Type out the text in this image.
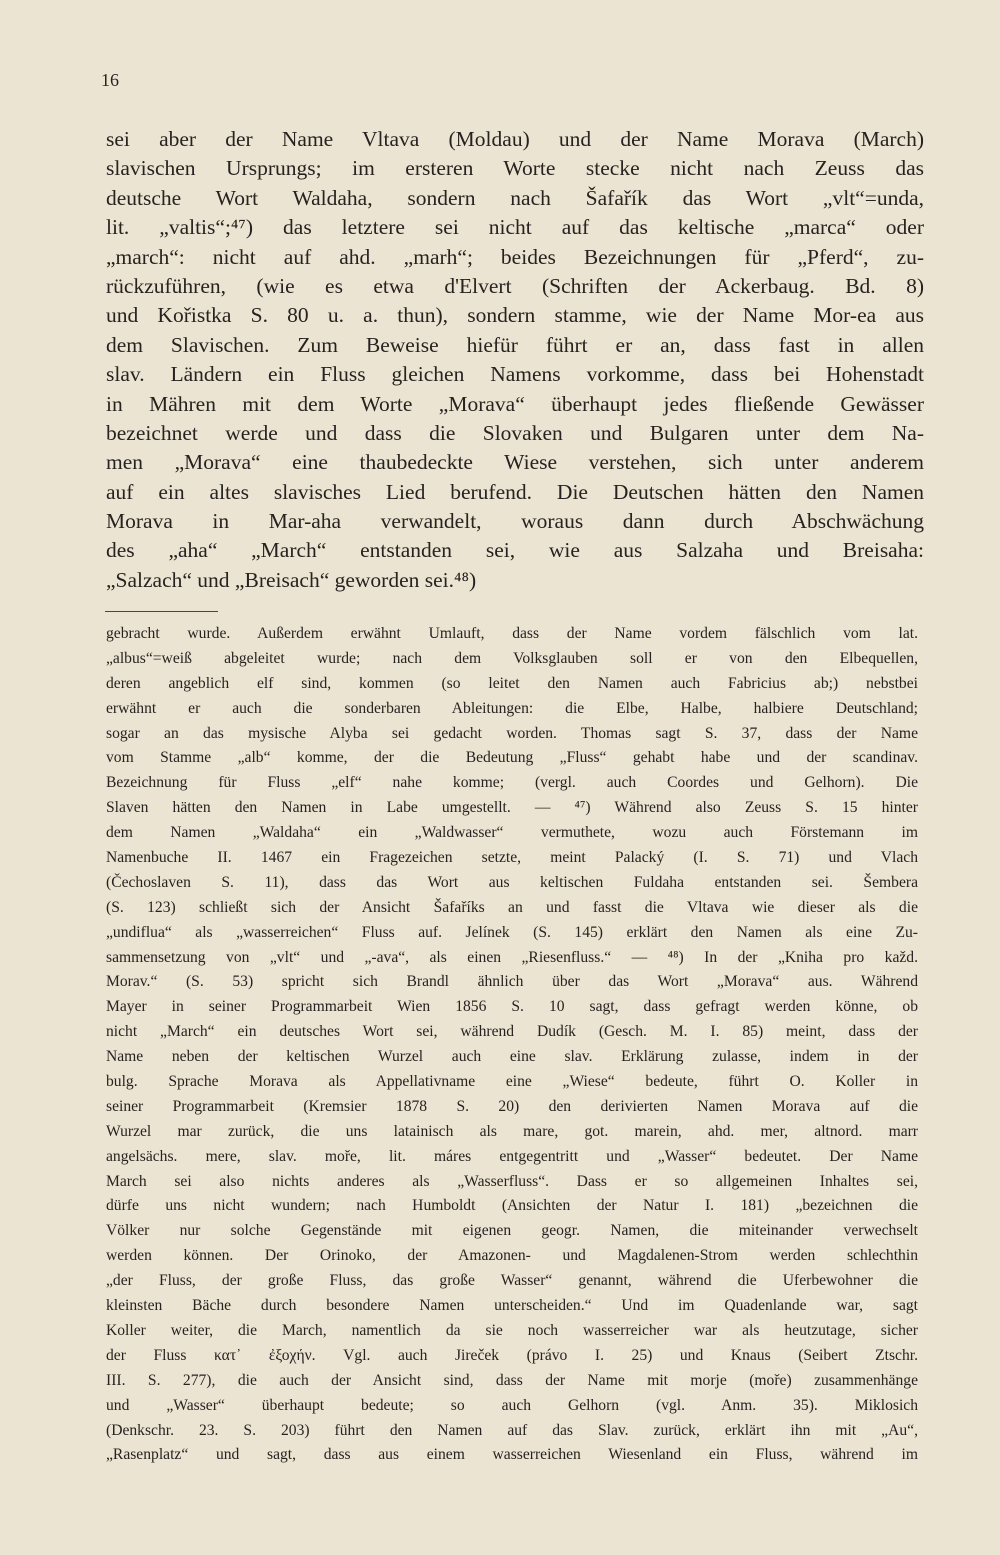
16
sei aber der Name Vltava (Moldau) und der Name Morava (March)
slavischen Ursprungs; im ersteren Worte stecke nicht nach Zeuss das
deutsche Wort Waldaha, sondern nach Šafařík das Wort „vlt“=unda,
lit. „valtis“;⁴⁷) das letztere sei nicht auf das keltische „marca“ oder
„march“: nicht auf ahd. „marh“; beides Bezeichnungen für „Pferd“, zu-
rückzuführen, (wie es etwa d'Elvert (Schriften der Ackerbaug. Bd. 8)
und Kořistka S. 80 u. a. thun), sondern stamme, wie der Name Mor-ea aus
dem Slavischen. Zum Beweise hiefür führt er an, dass fast in allen
slav. Ländern ein Fluss gleichen Namens vorkomme, dass bei Hohenstadt
in Mähren mit dem Worte „Morava“ überhaupt jedes fließende Gewässer
bezeichnet werde und dass die Slovaken und Bulgaren unter dem Na-
men „Morava“ eine thaubedeckte Wiese verstehen, sich unter anderem
auf ein altes slavisches Lied berufend. Die Deutschen hätten den Namen
Morava in Mar-aha verwandelt, woraus dann durch Abschwächung
des „aha“ „March“ entstanden sei, wie aus Salzaha und Breisaha:
„Salzach“ und „Breisach“ geworden sei.⁴⁸)
gebracht wurde. Außerdem erwähnt Umlauft, dass der Name vordem fälschlich vom lat.
„albus“=weiß abgeleitet wurde; nach dem Volksglauben soll er von den Elbequellen,
deren angeblich elf sind, kommen (so leitet den Namen auch Fabricius ab;) nebstbei
erwähnt er auch die sonderbaren Ableitungen: die Elbe, Halbe, halbiere Deutschland;
sogar an das mysische Alyba sei gedacht worden. Thomas sagt S. 37, dass der Name
vom Stamme „alb“ komme, der die Bedeutung „Fluss“ gehabt habe und der scandinav.
Bezeichnung für Fluss „elf“ nahe komme; (vergl. auch Coordes und Gelhorn). Die
Slaven hätten den Namen in Labe umgestellt. — ⁴⁷) Während also Zeuss S. 15 hinter
dem Namen „Waldaha“ ein „Waldwasser“ vermuthete, wozu auch Förstemann im
Namenbuche II. 1467 ein Fragezeichen setzte, meint Palacký (I. S. 71) und Vlach
(Čechoslaven S. 11), dass das Wort aus keltischen Fuldaha entstanden sei. Šembera
(S. 123) schließt sich der Ansicht Šafaříks an und fasst die Vltava wie dieser als die
„undiflua“ als „wasserreichen“ Fluss auf. Jelínek (S. 145) erklärt den Namen als eine Zu-
sammensetzung von „vlt“ und „-ava“, als einen „Riesenfluss.“ — ⁴⁸) In der „Kniha pro každ.
Morav.“ (S. 53) spricht sich Brandl ähnlich über das Wort „Morava“ aus. Während
Mayer in seiner Programmarbeit Wien 1856 S. 10 sagt, dass gefragt werden könne, ob
nicht „March“ ein deutsches Wort sei, während Dudík (Gesch. M. I. 85) meint, dass der
Name neben der keltischen Wurzel auch eine slav. Erklärung zulasse, indem in der
bulg. Sprache Morava als Appellativname eine „Wiese“ bedeute, führt O. Koller in
seiner Programmarbeit (Kremsier 1878 S. 20) den derivierten Namen Morava auf die
Wurzel mar zurück, die uns latainisch als mare, got. marein, ahd. mer, altnord. marr
angelsächs. mere, slav. moře, lit. máres entgegentritt und „Wasser“ bedeutet. Der Name
March sei also nichts anderes als „Wasserfluss“. Dass er so allgemeinen Inhaltes sei,
dürfe uns nicht wundern; nach Humboldt (Ansichten der Natur I. 181) „bezeichnen die
Völker nur solche Gegenstände mit eigenen geogr. Namen, die miteinander verwechselt
werden können. Der Orinoko, der Amazonen- und Magdalenen-Strom werden schlechthin
„der Fluss, der große Fluss, das große Wasser“ genannt, während die Uferbewohner die
kleinsten Bäche durch besondere Namen unterscheiden.“ Und im Quadenlande war, sagt
Koller weiter, die March, namentlich da sie noch wasserreicher war als heutzutage, sicher
der Fluss κατ᾽ ἐξοχήν. Vgl. auch Jireček (právo I. 25) und Knaus (Seibert Ztschr.
III. S. 277), die auch der Ansicht sind, dass der Name mit morje (moře) zusammenhänge
und „Wasser“ überhaupt bedeute; so auch Gelhorn (vgl. Anm. 35). Miklosich
(Denkschr. 23. S. 203) führt den Namen auf das Slav. zurück, erklärt ihn mit „Au“,
„Rasenplatz“ und sagt, dass aus einem wasserreichen Wiesenland ein Fluss, während im
